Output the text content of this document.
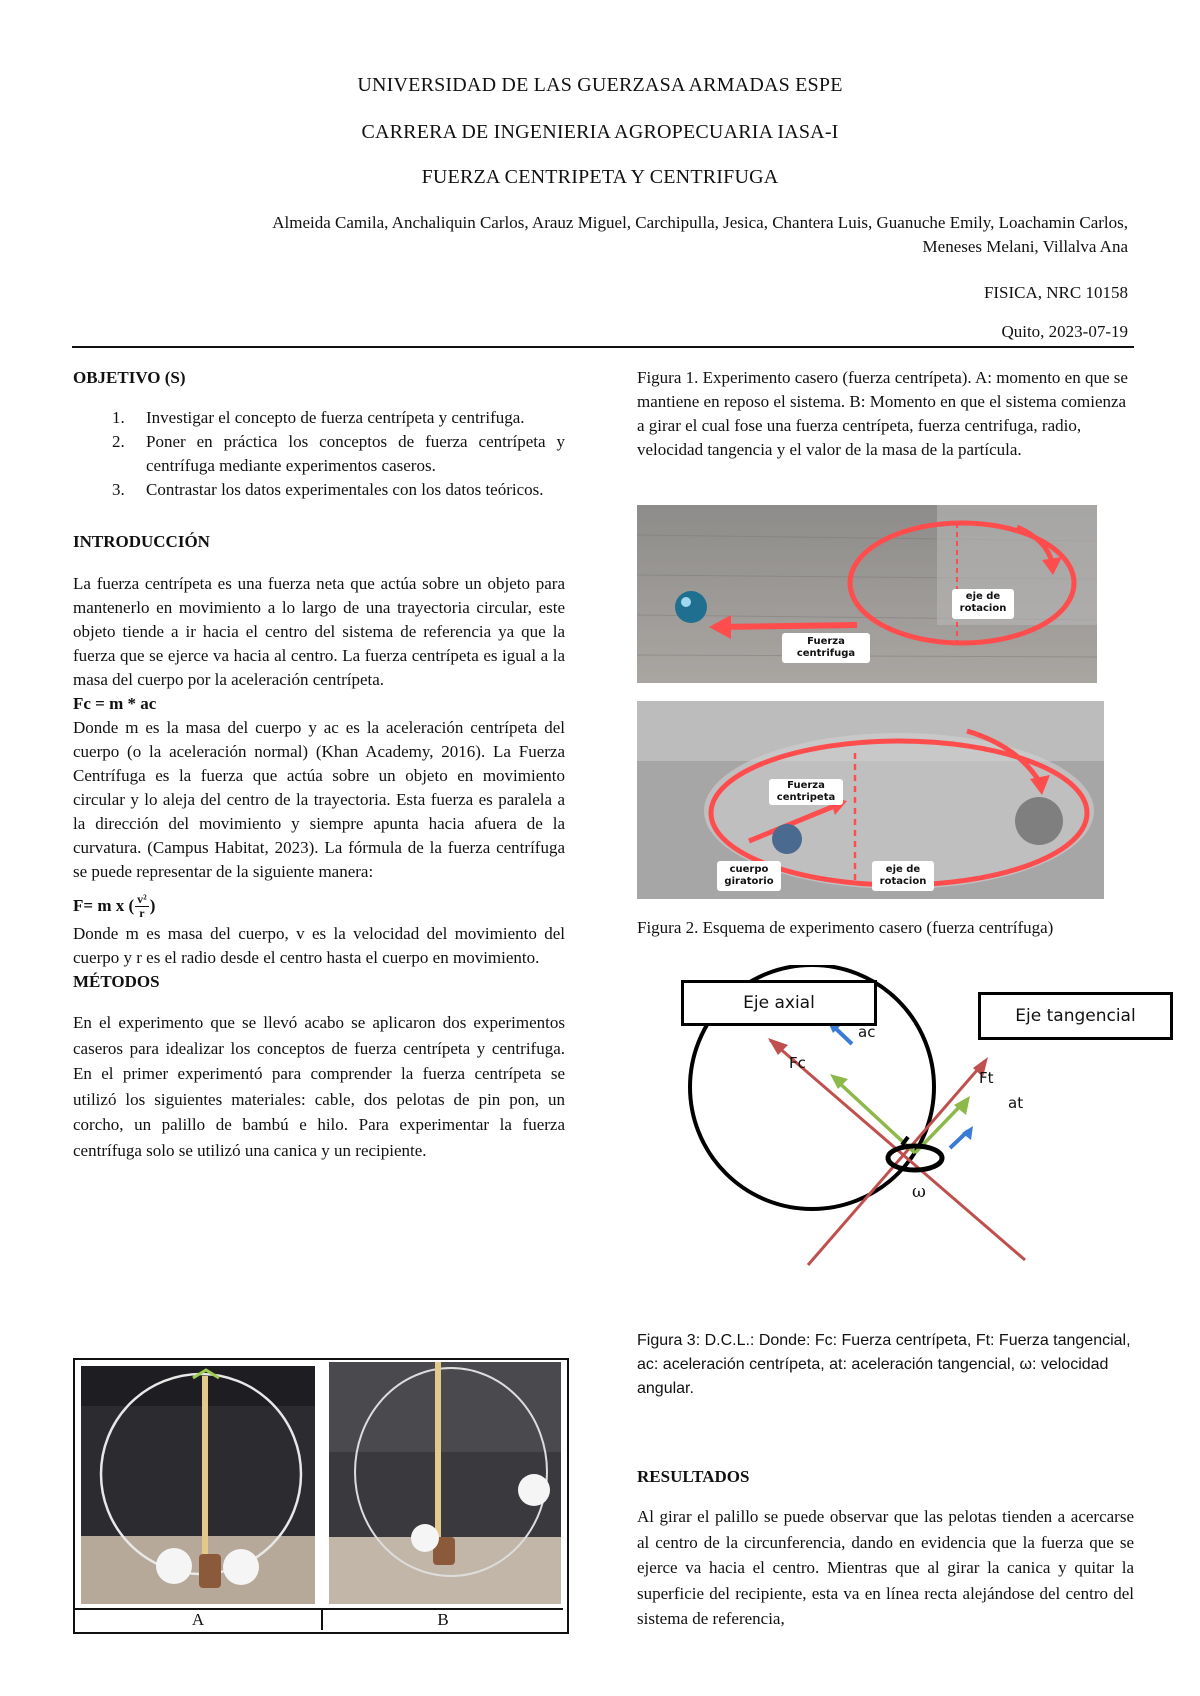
UNIVERSIDAD DE LAS GUERZASA ARMADAS ESPE
CARRERA DE INGENIERIA AGROPECUARIA IASA-I
FUERZA CENTRIPETA Y CENTRIFUGA
Almeida Camila, Anchaliquin Carlos, Arauz Miguel, Carchipulla, Jesica, Chantera Luis, Guanuche Emily, Loachamin Carlos,
Meneses Melani, Villalva Ana
FISICA, NRC 10158
Quito, 2023-07-19
OBJETIVO (S)
1. Investigar el concepto de fuerza centrípeta y centrifuga.
2. Poner en práctica los conceptos de fuerza centrípeta y centrífuga mediante experimentos caseros.
3. Contrastar los datos experimentales con los datos teóricos.
INTRODUCCIÓN

La fuerza centrípeta es una fuerza neta que actúa sobre un objeto para mantenerlo en movimiento a lo largo de una trayectoria circular, este objeto tiende a ir hacia el centro del sistema de referencia ya que la fuerza que se ejerce va hacia al centro. La fuerza centrípeta es igual a la masa del cuerpo por la aceleración centrípeta.

Fc = m * ac

Donde m es la masa del cuerpo y ac es la aceleración centrípeta del cuerpo (o la aceleración normal) (Khan Academy, 2016). La Fuerza Centrífuga es la fuerza que actúa sobre un objeto en movimiento circular y lo aleja del centro de la trayectoria. Esta fuerza es paralela a la dirección del movimiento y siempre apunta hacia afuera de la curvatura. (Campus Habitat, 2023). La fórmula de la fuerza centrífuga se puede representar de la siguiente manera:

F= m x ( $\frac{\text{v²}}{r}$ )

Donde m es masa del cuerpo, v es la velocidad del movimiento del cuerpo y r es el radio desde el centro hasta el cuerpo en movimiento.

MÉTODOS

En el experimento que se llevó acabo se aplicaron dos experimentos caseros para idealizar los conceptos de fuerza centrípeta y centrifuga. En el primer experimentó para comprender la fuerza centrípeta se utilizó los siguientes materiales: cable, dos pelotas de pin pon, un corcho, un palillo de bambú e hilo. Para experimentar la fuerza centrífuga solo se utilizó una canica y un recipiente.

A	B
Figura 1. Experimento casero (fuerza centrípeta). A: momento en que se mantiene en reposo el sistema. B: Momento en que el sistema comienza a girar el cual fose una fuerza centrípeta, fuerza centrifuga, radio, velocidad tangencia y el valor de la masa de la partícula.
eje de rotacion
Fuerza centrifuga
Fuerza centripeta
cuerpo giratorio
eje de rotacion
Figura 2. Esquema de experimento casero (fuerza centrífuga)
Eje axial
Eje tangencial
ac
Fc
Ft
at
ω
Figura 3: D.C.L.: Donde: Fc: Fuerza centrípeta, Ft: Fuerza tangencial, ac: aceleración centrípeta, at: aceleración tangencial, ω: velocidad angular.
RESULTADOS

Al girar el palillo se puede observar que las pelotas tienden a acercarse al centro de la circunferencia, dando en evidencia que la fuerza que se ejerce va hacia el centro. Mientras que al girar la canica y quitar la superficie del recipiente, esta va en línea recta alejándose del centro del sistema de referencia,
